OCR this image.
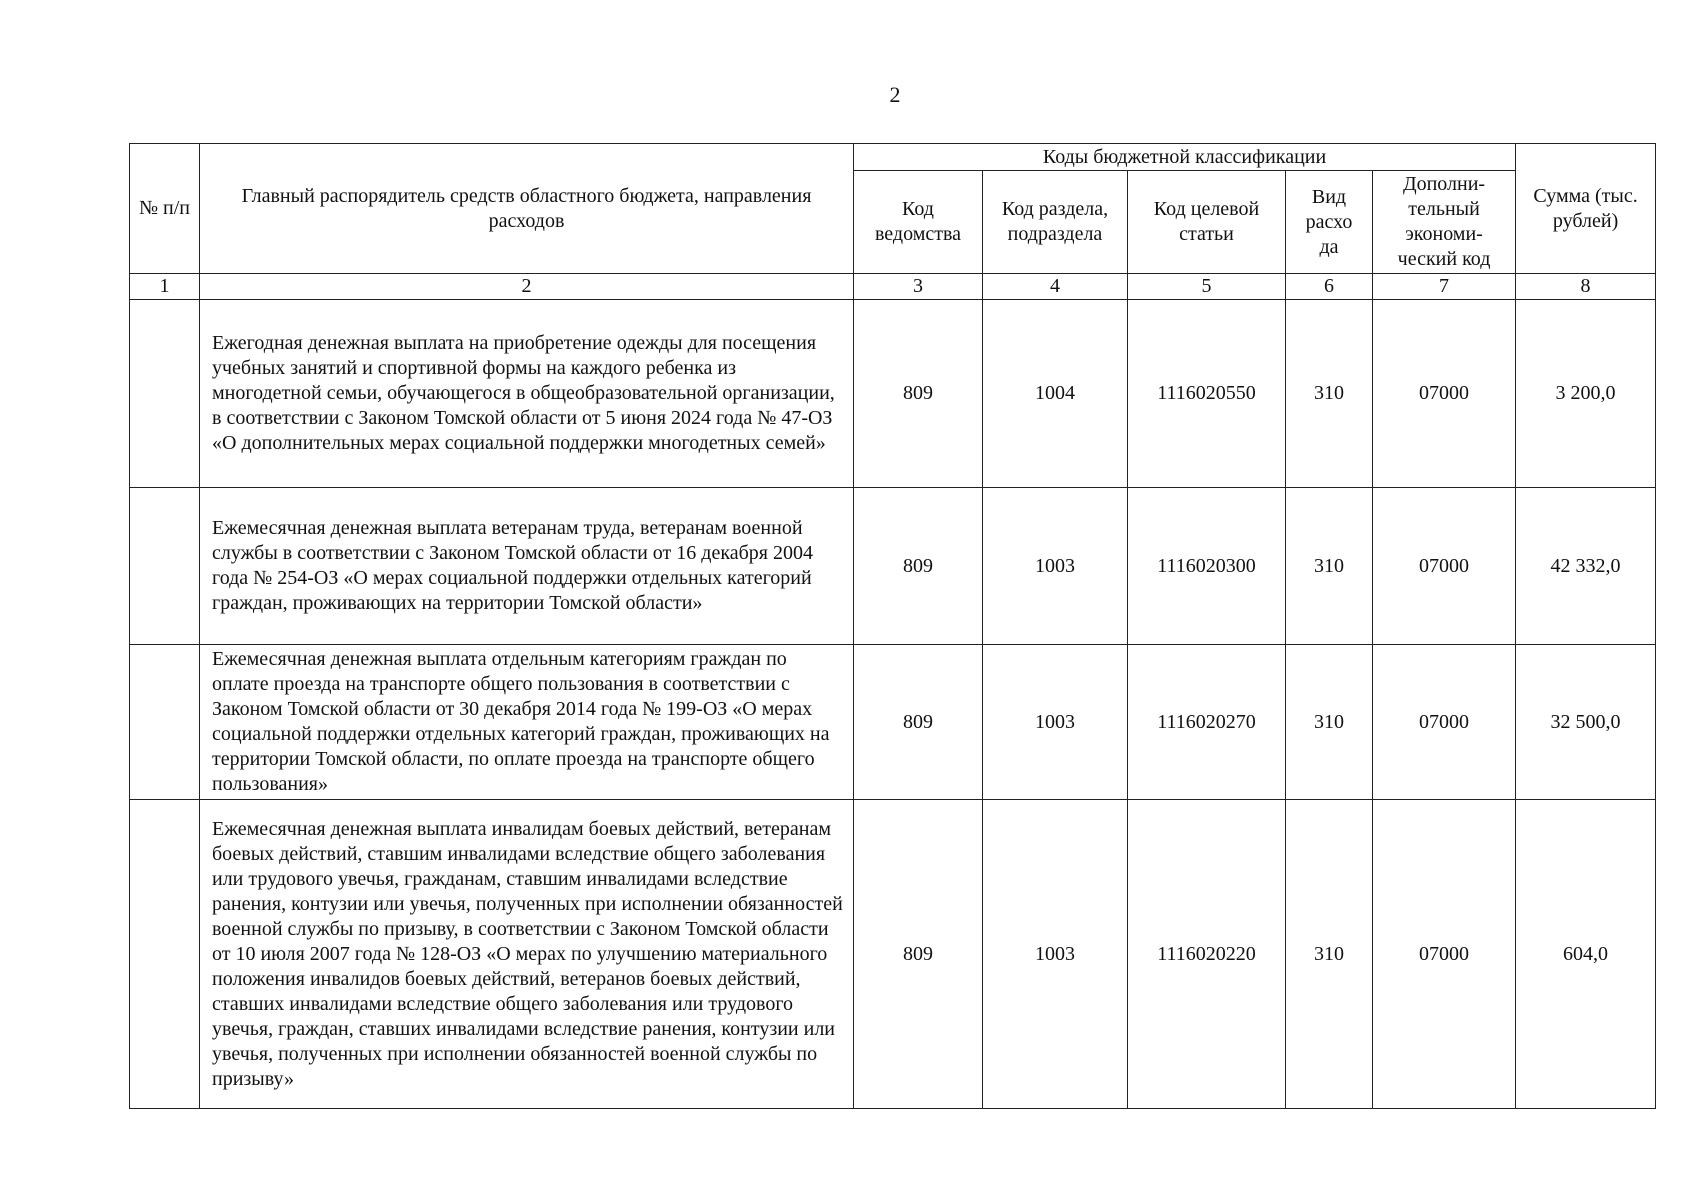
2
№ п/п	Главный распорядитель средств областного бюджета, направления расходов	Коды бюджетной классификации					Сумма (тыс. рублей)
		Код ведомства	Код раздела, подраздела	Код целевой статьи	Вид расхо да	Дополни-тельный экономи-ческий код	
1	2	3	4	5	6	7	8
	Ежегодная денежная выплата на приобретение одежды для посещения учебных занятий и спортивной формы на каждого ребенка из многодетной семьи, обучающегося в общеобразовательной организации, в соответствии с Законом Томской области от 5 июня 2024 года № 47-ОЗ «О дополнительных мерах социальной поддержки многодетных семей»	809	1004	1116020550	310	07000	3 200,0
	Ежемесячная денежная выплата ветеранам труда, ветеранам военной службы в соответствии с Законом Томской области от 16 декабря 2004 года № 254-ОЗ «О мерах социальной поддержки отдельных категорий граждан, проживающих на территории Томской области»	809	1003	1116020300	310	07000	42 332,0
	Ежемесячная денежная выплата отдельным категориям граждан по оплате проезда на транспорте общего пользования в соответствии с Законом Томской области от 30 декабря 2014 года № 199-ОЗ «О мерах социальной поддержки отдельных категорий граждан, проживающих на территории Томской области, по оплате проезда на транспорте общего пользования»	809	1003	1116020270	310	07000	32 500,0
	Ежемесячная денежная выплата инвалидам боевых действий, ветеранам боевых действий, ставшим инвалидами вследствие общего заболевания или трудового увечья, гражданам, ставшим инвалидами вследствие ранения, контузии или увечья, полученных при исполнении обязанностей военной службы по призыву, в соответствии с Законом Томской области от 10 июля 2007 года № 128-ОЗ «О мерах по улучшению материального положения инвалидов боевых действий, ветеранов боевых действий, ставших инвалидами вследствие общего заболевания или трудового увечья, граждан, ставших инвалидами вследствие ранения, контузии или увечья, полученных при исполнении обязанностей военной службы по призыву»	809	1003	1116020220	310	07000	604,0
